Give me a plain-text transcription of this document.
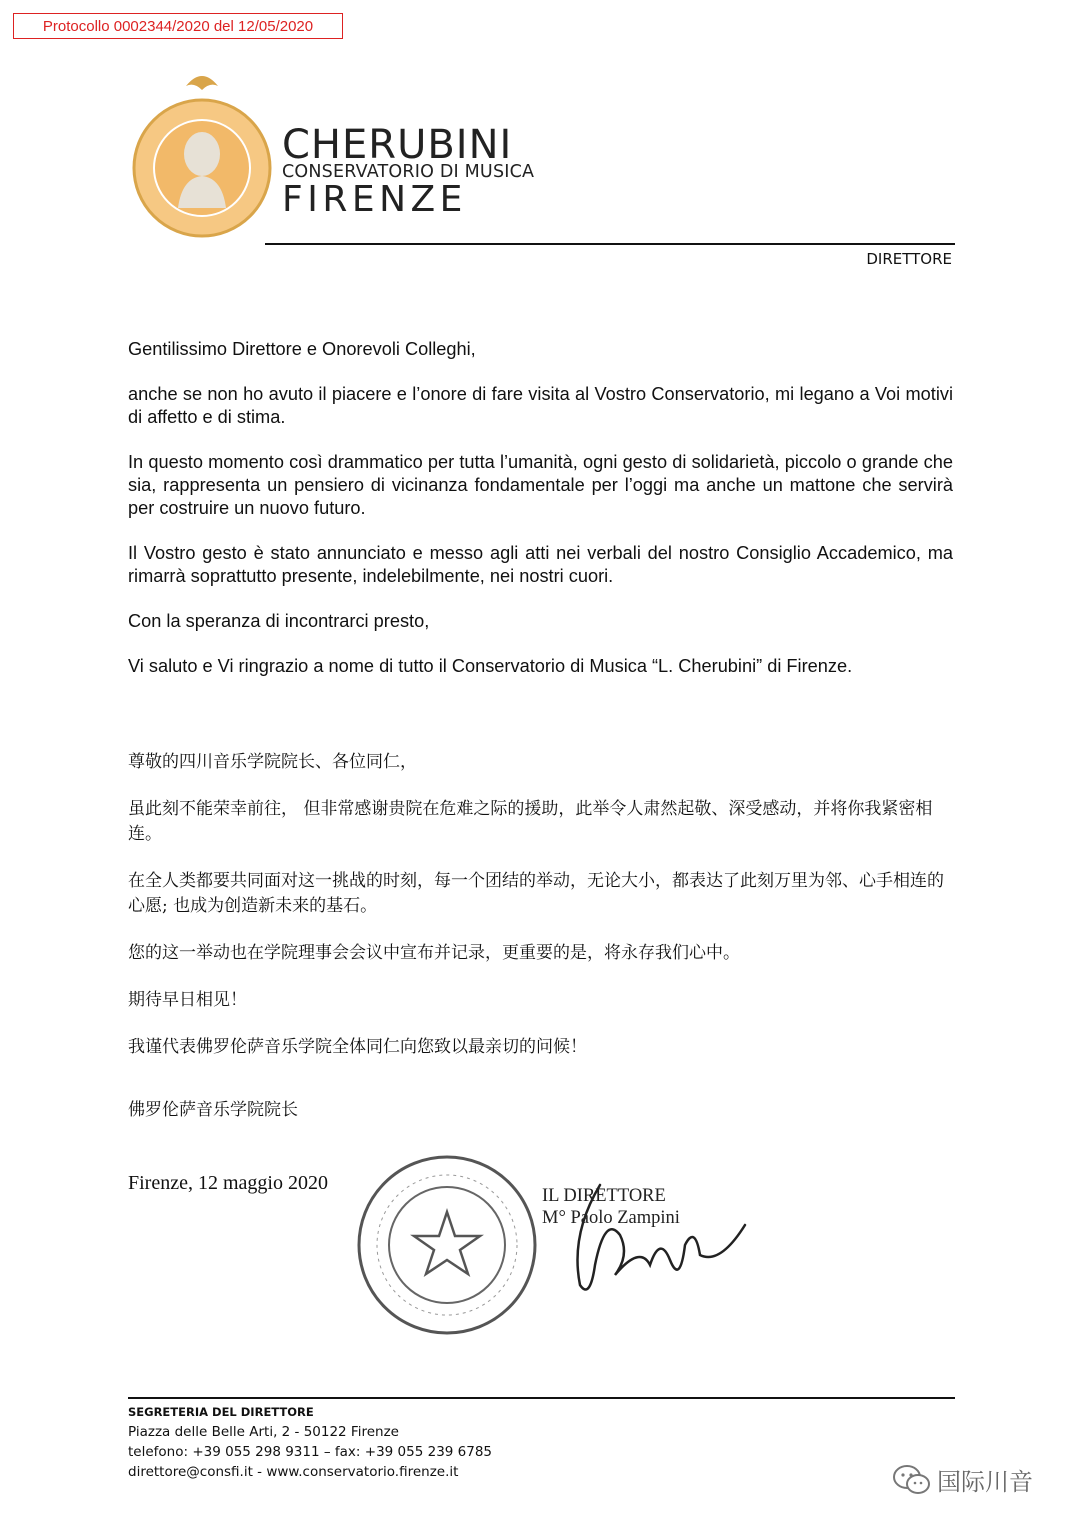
Protocollo 0002344/2020 del 12/05/2020
CHERUBINI
CONSERVATORIO DI MUSICA
FIRENZE
DIRETTORE

Gentilissimo Direttore e Onorevoli Colleghi,

anche se non ho avuto il piacere e l’onore di fare visita al Vostro Conservatorio, mi legano a Voi motivi di affetto e di stima.

In questo momento così drammatico per tutta l’umanità, ogni gesto di solidarietà, piccolo o grande che sia, rappresenta un pensiero di vicinanza fondamentale per l’oggi ma anche un mattone che servirà per costruire un nuovo futuro.

Il Vostro gesto è stato annunciato e messo agli atti nei verbali del nostro Consiglio Accademico, ma rimarrà soprattutto presente, indelebilmente, nei nostri cuori.

Con la speranza di incontrarci presto,

Vi saluto e Vi ringrazio a nome di tutto il Conservatorio di Musica “L. Cherubini” di Firenze.

尊敬的四川音乐学院院长、各位同仁，

虽此刻不能荣幸前往， 但非常感谢贵院在危难之际的援助，此举令人肃然起敬、深受感动，并将你我紧密相连。

在全人类都要共同面对这一挑战的时刻，每一个团结的举动，无论大小，都表达了此刻万里为邻、心手相连的心愿; 也成为创造新未来的基石。

您的这一举动也在学院理事会会议中宣布并记录，更重要的是，将永存我们心中。

期待早日相见！

我谨代表佛罗伦萨音乐学院全体同仁向您致以最亲切的问候！

佛罗伦萨音乐学院院长

Firenze, 12 maggio 2020
IL DIRETTORE
M° Paolo Zampini
SEGRETERIA DEL DIRETTORE
Piazza delle Belle Arti, 2 - 50122 Firenze
telefono: +39 055 298 9311 – fax: +39 055 239 6785
direttore@consfi.it - www.conservatorio.firenze.it	国际川音
